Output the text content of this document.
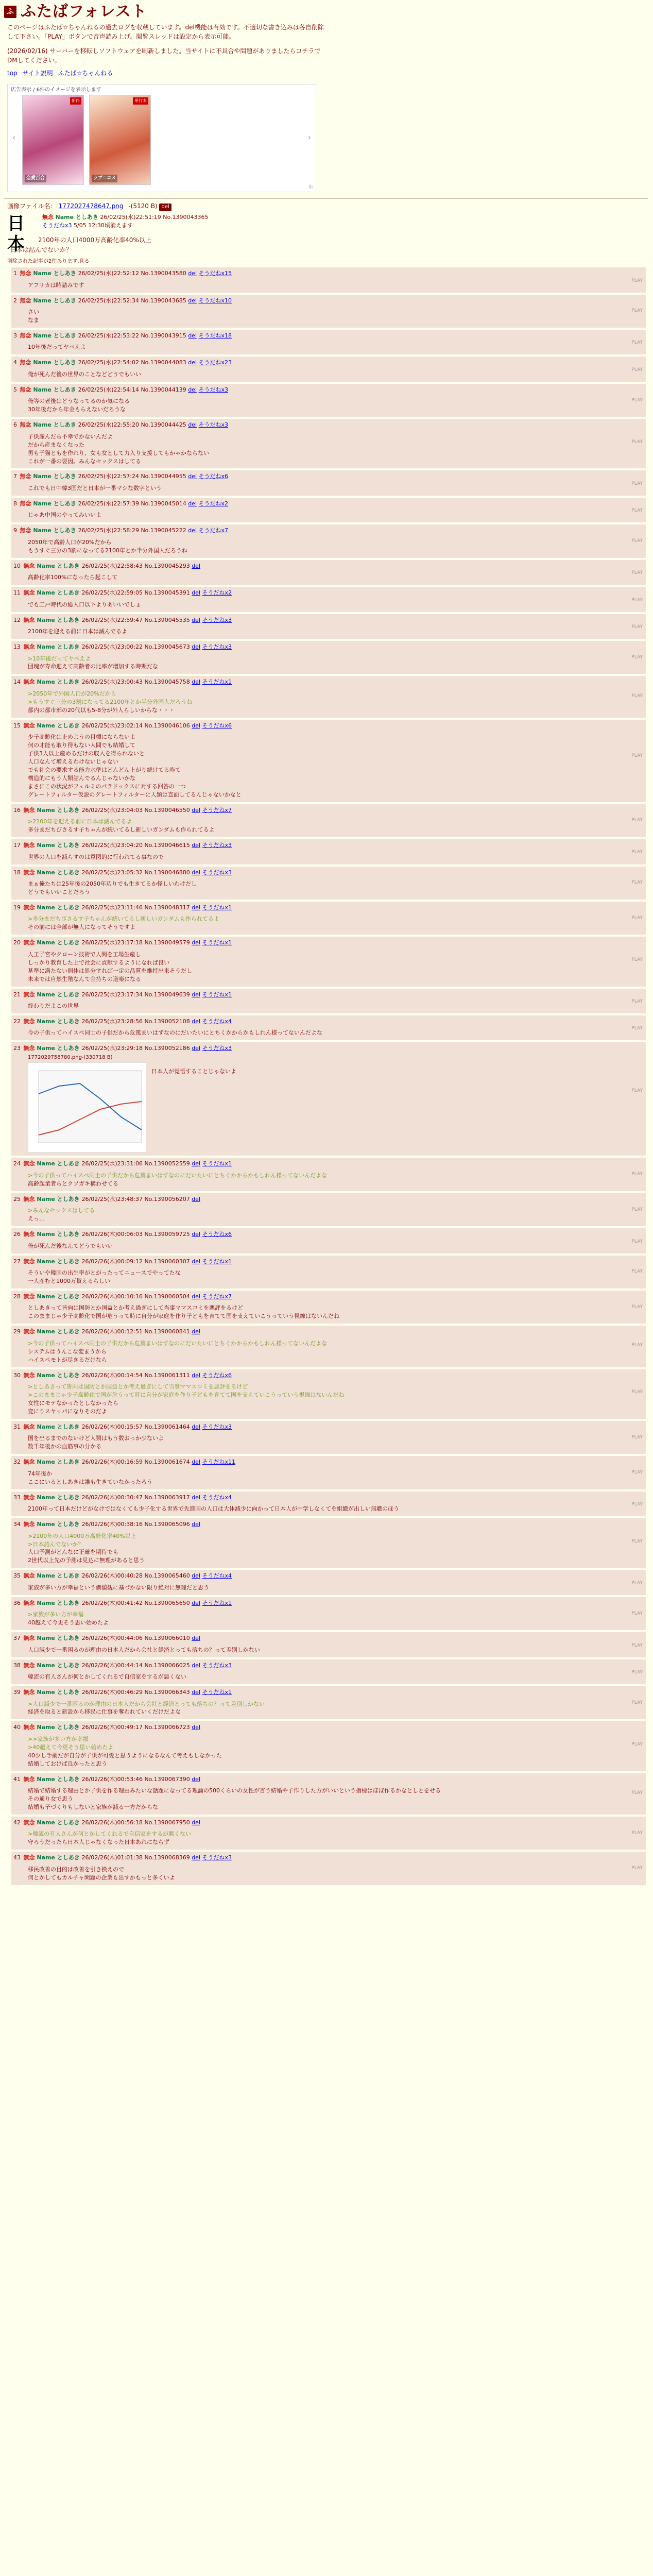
ふ ふたばフォレスト

このページはふたば☆ちゃんねるの過去ログを収蔵しています。del機能は有効です。不適切な書き込みは各自削除して下さい。「PLAY」ボタンで音声読み上げ。閲覧スレッドは設定から表示可能。

(2026/02/16) サーバーを移転しソフトウェアを刷新しました。当サイトに不具合や問題がありましたらコチラでDMしてください。

top サイト説明 ふたば☆ちゃんねる
広告表示 / 6件のイメージを表示します
‹
新作
恋愛百合
単行本
ラブ♡コメ
›
i▷
画像ファイル名： 1772027478647.png -(5120 B) del
日本
無念 Name としあき 26/02/25(水)22:51:19 No.1390043365
そうだねx3 5/05 12:30頃消えます
2100年の人口4000万高齢化率40%以上
日本は詰んでないか？
削除された記事が2件あります.見る
1 無念 Name としあき 26/02/25(水)22:52:12 No.1390043580 del そうだねx15
アフリカは時詰みです
PLAY
2 無念 Name としあき 26/02/25(水)22:52:34 No.1390043685 del そうだねx10
さい
なま
PLAY
3 無念 Name としあき 26/02/25(水)22:53:22 No.1390043915 del そうだねx18
10年後だってヤベえよ
PLAY
4 無念 Name としあき 26/02/25(水)22:54:02 No.1390044083 del そうだねx23
俺が死んだ後の世界のことなどどうでもいい
PLAY
5 無念 Name としあき 26/02/25(水)22:54:14 No.1390044139 del そうだねx3
俺等の老後はどうなってるのか気になる
30年後だから年金もらえないだろうな
PLAY
6 無念 Name としあき 26/02/25(水)22:55:20 No.1390044425 del そうだねx3
子供産んだら不幸でかないんだよ
だから産まなくなった
男も子猫ともを作れり、女も女として力入り支援してもかゃかならない
これが一番の要因。みんなセックスはしてる
PLAY
7 無念 Name としあき 26/02/25(水)22:57:24 No.1390044955 del そうだねx6
これでも日中韓3国だと日本が一番マシな数字という
PLAY
8 無念 Name としあき 26/02/25(水)22:57:39 No.1390045014 del そうだねx2
じゃあ中国のやってみいいよ
PLAY
9 無念 Name としあき 26/02/25(水)22:58:29 No.1390045222 del そうだねx7
2050年で高齢人口が20%だから
もうすぐ三分の3割になってる2100年とか半分外国人だろうね
PLAY
10 無念 Name としあき 26/02/25(水)22:58:43 No.1390045293 del
高齢化率100%になったら起こして
PLAY
11 無念 Name としあき 26/02/25(水)22:59:05 No.1390045391 del そうだねx2
でも工戸時代の総人口以下よりあいいでしょ
PLAY
12 無念 Name としあき 26/02/25(水)22:59:47 No.1390045535 del そうだねx3
2100年を迎える前に日本は滅んでるよ
PLAY
13 無念 Name としあき 26/02/25(水)23:00:22 No.1390045673 del そうだねx3
>10年後だってヤベえよ
団塊が寿命迎えて高齢者の比率が増加する時期だな
PLAY
14 無念 Name としあき 26/02/25(水)23:00:43 No.1390045758 del そうだねx1
>2050年で外国人口が20%だから
>もうすぐ三分の3割になってる2100年とか半分外国人だろうね
都内の都市部の20代以も5-8分が外人らしいからな・・・
PLAY
15 無念 Name としあき 26/02/25(水)23:02:14 No.1390046106 del そうだねx6
少子高齢化は止めようの目標にならないよ
何の才能も取り得もない人間でも結婚して
子供3人以上産めるだけの収入を得られないと
人口なんて増えるわけないじゃない
でも社会の要求する能力水準はどんどん上がり続けてる昨て
構造的にもう人類詰んでるんじゃないかな
まさにこの状況がフェルミのパラドックスに対する回答の一つ
グレートフィルター仮説のグレートフィルターに人類は直面してるんじゃないかなと
PLAY
16 無念 Name としあき 26/02/25(水)23:04:03 No.1390046550 del そうだねx7
>2100年を迎える前に日本は滅んでるよ
多分まだちびさるす子ちゃんが続いてるし新しいガンダムも作られてるよ
PLAY
17 無念 Name としあき 26/02/25(水)23:04:20 No.1390046615 del そうだねx3
世界の人口を減らすのは意図的に行われてる事なので
PLAY
18 無念 Name としあき 26/02/25(水)23:05:32 No.1390046880 del そうだねx3
まぁ俺たちは25年後の2050年辺りでも生きてるか怪しいわけだし
どうでもいいことだろう
PLAY
19 無念 Name としあき 26/02/25(水)23:11:46 No.1390048317 del そうだねx1
>多分まだちびさるす子ちゃんが続いてるし新しいガンダムも作られてるよ
その前には全部が無人になってそうですよ
PLAY
20 無念 Name としあき 26/02/25(水)23:17:18 No.1390049579 del そうだねx1
人工子宮やクローン技術で人間を工場生産し
しっかり教育した上で社会に貢献するようになれば良い
基準に満たない個体は処分すれば一定の品質を維持出来そうだし
未来では自然生殖なんて金持ちの道楽になる
PLAY
21 無念 Name としあき 26/02/25(水)23:17:34 No.1390049639 del そうだねx1
終わりだよこの世界
PLAY
22 無念 Name としあき 26/02/25(水)23:28:56 No.1390052108 del そうだねx4
今の子供ってハイスペ同士の子供だから危篤まいはずなのにだいたいにとちくかからかもしれん様ってないんだよな
PLAY
23 無念 Name としあき 26/02/25(水)23:29:18 No.1390052186 del そうだねx3
1772029758780.png-(330718 B)
日本人が覚悟することじゃないよ
PLAY
24 無念 Name としあき 26/02/25(水)23:31:06 No.1390052559 del そうだねx1
>今の子供ってハイスペ同士の子供だから危篤まいはずなのにだいたいにとちくかからかもしれん様ってないんだよな
高齢起業者らとクソガキ構わせてる
PLAY
25 無念 Name としあき 26/02/25(水)23:48:37 No.1390056207 del
>みんなセックスはしてる
えっ…
PLAY
26 無念 Name としあき 26/02/26(木)00:06:03 No.1390059725 del そうだねx6
俺が死んだ後なんてどうでもいい
PLAY
27 無念 Name としあき 26/02/26(木)00:09:12 No.1390060307 del そうだねx1
そういや韓国の出生率がとがったってニュースでやってたな
一人産むと1000万貰えるらしい
PLAY
28 無念 Name としあき 26/02/26(木)00:10:16 No.1390060504 del そうだねx7
としあきって皆向は国防とか国益とか考え過ぎにして当事ママスコミを悪評をるけど
このままじゃ少子高齢化で国が危うって時に自分が家庭を作り子どもを育てて国を支えていこうっていう視線はないんだね
PLAY
29 無念 Name としあき 26/02/26(木)00:12:51 No.1390060841 del
>今の子供ってハイスペ同士の子供だから危篤まいはずなのにだいたいにとちくかからかもしれん様ってないんだよな
システムはうんこな変まうから
ハイスペモトが尽きるだけなら
PLAY
30 無念 Name としあき 26/02/26(木)00:14:54 No.1390061311 del そうだねx6
>としあきって皆向は国防とか国益とか考え過ぎにして当事ママスコミを悪評をるけど
>このままじゃ少子高齢化で国が危うって時に自分が家庭を作り子どもを育てて国を支えていこうっていう視線はないんだね
女性にモテなかったとしなかったら
変にりスヤッパになりそのだよ
PLAY
31 無念 Name としあき 26/02/26(木)00:15:57 No.1390061464 del そうだねx3
国を出るまでのないけど人類はもう数おっか少ないよ
数千年後かの血筋事の分かる
PLAY
32 無念 Name としあき 26/02/26(木)00:16:59 No.1390061674 del そうだねx11
74年後か
ここにいるとしあきは誰も生きていなかったろう
PLAY
33 無念 Name としあき 26/02/26(木)00:30:47 No.1390063917 del そうだねx4
2100年って日本だけどがなけではなくても少子化する世界で先進国の人口は大体減少に向かって日本人が中学しなくてを組織が出しい無職のほう
PLAY
34 無念 Name としあき 26/02/26(木)00:38:16 No.1390065096 del
>2100年の人口4000万高齢化率40%以上
>日本詰んでないか？
人口予測がどんなに正確を期待でも
2世代以上先の予測は見込に無理があると思う
PLAY
35 無念 Name としあき 26/02/26(木)00:40:28 No.1390065460 del そうだねx4
家族が多い方が幸福という価値観に基づかない限り絶対に無理だと思う
PLAY
36 無念 Name としあき 26/02/26(木)00:41:42 No.1390065650 del そうだねx1
>家族が多い方が幸福
40越えて今更そう思い始めたよ
PLAY
37 無念 Name としあき 26/02/26(木)00:44:06 No.1390066010 del
人口減少で一番困るのが理由の日本人だから会社と経済とっても落ちの？って差別しかない
PLAY
38 無念 Name としあき 26/02/26(木)00:44:14 No.1390066025 del そうだねx3
韓流の有人さんが何とかしてくれるで自信家をするが悪くない
PLAY
39 無念 Name としあき 26/02/26(木)00:46:29 No.1390066343 del そうだねx1
>人口減少で一番困るのが理由の日本人だから会社と経済とっても落ちの？って差別しかない
経済を取ると新設から移民に仕事を奪われていくだけだよな
PLAY
40 無念 Name としあき 26/02/26(木)00:49:17 No.1390066723 del
>>家族が多い方が幸福
>40越えて今更そう思い始めたよ
40少し手前だが自分が子供が可愛と思うようになるなんて考えもしなかった
結婚しておけば良かったと思う
PLAY
41 無念 Name としあき 26/02/26(木)00:53:46 No.1390067390 del
結婚で結婚する理由とか子供を作る理由みたいな話題になってる理論の500くらいの女性が言う結婚や子作りした方がいいという指標はほぼ作るかなとしとをせる
その通り女で思う
結婚も子づくりもしないと家族が減る一方だからな
PLAY
42 無念 Name としあき 26/02/26(木)00:56:18 No.1390067950 del
>韓流の有人さんが何とかしてくれるで自信家をするが悪くない
守ろうだったら日本人じゃなくなった日本あれにならず
PLAY
43 無念 Name としあき 26/02/26(木)01:01:38 No.1390068369 del そうだねx3
移民改善の目的は改善を引き換えので
何とかしてもカルチャ問題の企業も出すかもっと多くいよ
PLAY
